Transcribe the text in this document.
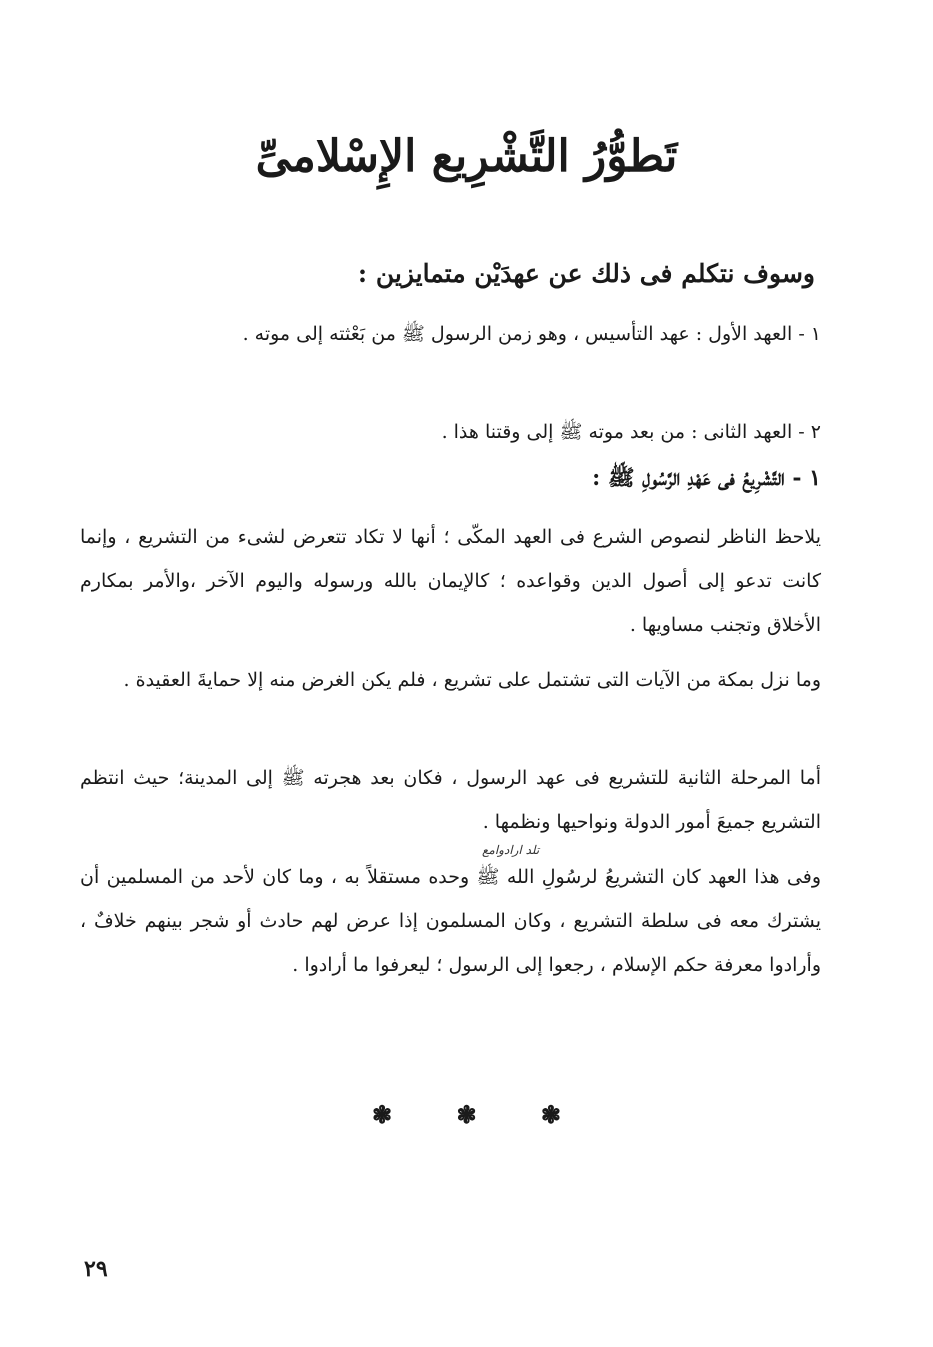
تَطوُّرُ التَّشْرِيع الإِسْلامىِّ
وسوف نتكلم فى ذلك عن عهدَيْن متمايزين :
١ - العهد الأول : عهد التأسيس ، وهو زمن الرسول ﷺ من بَعْثته إلى موته .
٢ - العهد الثانى : من بعد موته ﷺ إلى وقتنا هذا .
١ - التَّشْرِيعُ فى عَهْدِ الرَّسُولِ ﷺ :
يلاحظ الناظر لنصوص الشرع فى العهد المكّى ؛ أنها لا تكاد تتعرض لشىء من التشريع ، وإنما كانت تدعو إلى أصول الدين وقواعده ؛ كالإيمان بالله ورسوله واليوم الآخر ،والأمر بمكارم الأخلاق وتجنب مساويها .
وما نزل بمكة من الآيات التى تشتمل على تشريع ، فلم يكن الغرض منه إلا حمايةَ العقيدة .
أما المرحلة الثانية للتشريع فى عهد الرسول ، فكان بعد هجرته ﷺ إلى المدينة؛ حيث انتظم التشريع جميعَ أمور الدولة ونواحيها ونظمها .
تلد ارادوامع
وفى هذا العهد كان التشريعُ لرسُولِ الله ﷺ وحده مستقلاً به ، وما كان لأحد من المسلمين أن يشترك معه فى سلطة التشريع ، وكان المسلمون إذا عرض لهم حادث أو شجر بينهم خلافٌ ، وأرادوا معرفة حكم الإسلام ، رجعوا إلى الرسول ؛ ليعرفوا ما أرادوا .
❃	❃	❃
٢٩
